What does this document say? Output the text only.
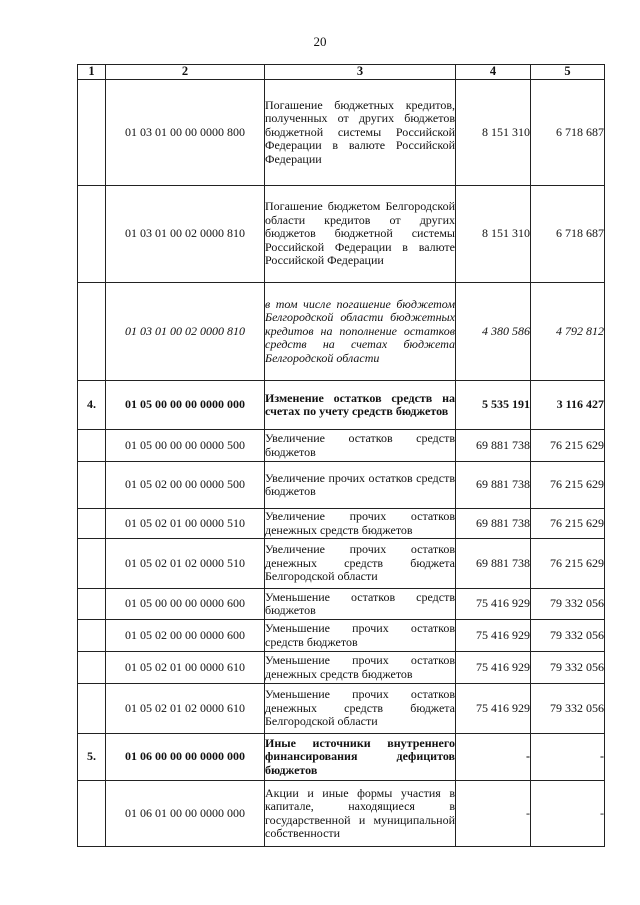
20
1	2	3	4	5
	01 03 01 00 00 0000 800	Погашение бюджетных кредитов, полученных от других бюджетов бюджетной системы Российской Федерации в валюте Российской Федерации	8 151 310	6 718 687
	01 03 01 00 02 0000 810	Погашение бюджетом Белгородской области кредитов от других бюджетов бюджетной системы Российской Федерации в валюте Российской Федерации	8 151 310	6 718 687
	01 03 01 00 02 0000 810	в том числе погашение бюджетом Белгородской области бюджетных кредитов на пополнение остатков средств на счетах бюджета Белгородской области	4 380 586	4 792 812
4.	01 05 00 00 00 0000 000	Изменение остатков средств на счетах по учету средств бюджетов	5 535 191	3 116 427
	01 05 00 00 00 0000 500	Увеличение остатков средств бюджетов	69 881 738	76 215 629
	01 05 02 00 00 0000 500	Увеличение прочих остатков средств бюджетов	69 881 738	76 215 629
	01 05 02 01 00 0000 510	Увеличение прочих остатков денежных средств бюджетов	69 881 738	76 215 629
	01 05 02 01 02 0000 510	Увеличение прочих остатков денежных средств бюджета Белгородской области	69 881 738	76 215 629
	01 05 00 00 00 0000 600	Уменьшение остатков средств бюджетов	75 416 929	79 332 056
	01 05 02 00 00 0000 600	Уменьшение прочих остатков средств бюджетов	75 416 929	79 332 056
	01 05 02 01 00 0000 610	Уменьшение прочих остатков денежных средств бюджетов	75 416 929	79 332 056
	01 05 02 01 02 0000 610	Уменьшение прочих остатков денежных средств бюджета Белгородской области	75 416 929	79 332 056
5.	01 06 00 00 00 0000 000	Иные источники внутреннего финансирования дефицитов бюджетов	-	-
	01 06 01 00 00 0000 000	Акции и иные формы участия в капитале, находящиеся в государственной и муниципальной собственности	-	-
